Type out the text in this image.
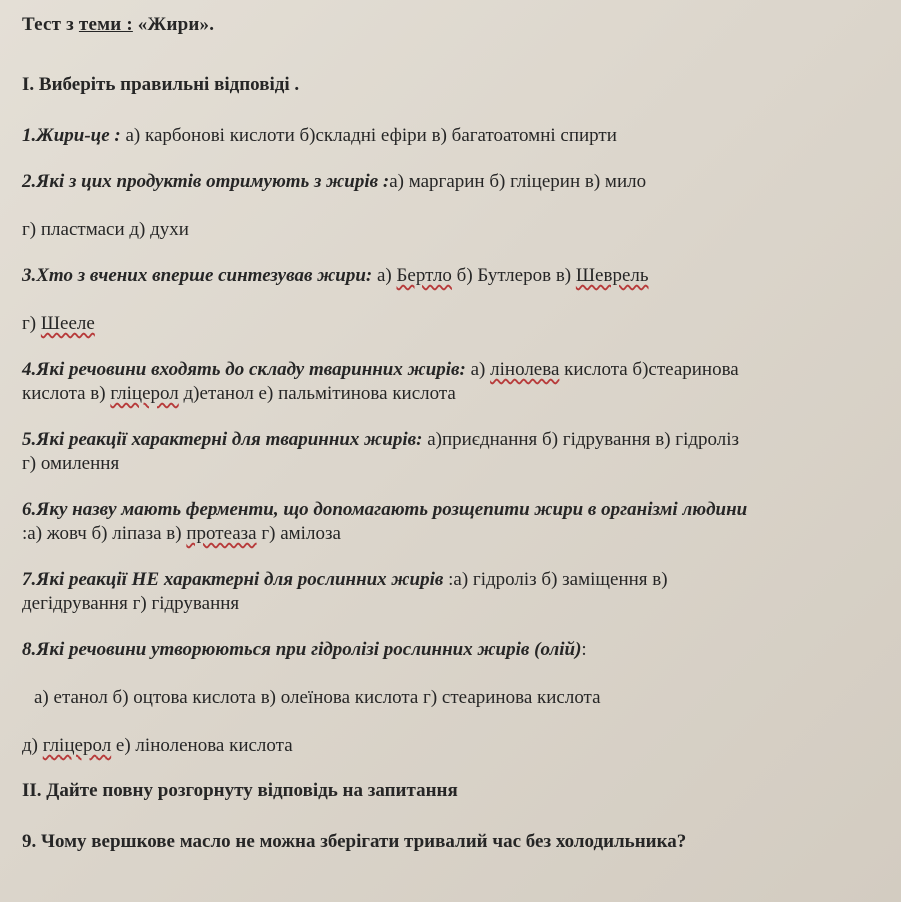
Тест з теми : «Жири».

І. Виберіть правильні відповіді .

1.Жири-це : а) карбонові кислоти б)складні ефіри в) багатоатомні спирти

2.Які з цих продуктів отримують з жирів :а) маргарин б) гліцерин в) мило

г) пластмаси д) духи

3.Хто з вчених вперше синтезував жири: а) Бертло б) Бутлеров в) Шеврель

г) Шееле

4.Які речовини входять до складу тваринних жирів: а) лінолева кислота б)стеаринова

кислота в) гліцерол д)етанол е) пальмітинова кислота

5.Які реакції характерні для тваринних жирів: а)приєднання б) гідрування в) гідроліз

г) омилення

6.Яку назву мають ферменти, що допомагають розщепити жири в організмі людини

:а) жовч б) ліпаза в) протеаза г) амілоза

7.Які реакції НЕ характерні для рослинних жирів :а) гідроліз б) заміщення в)

дегідрування г) гідрування

8.Які речовини утворюються при гідролізі рослинних жирів (олій):

а) етанол б) оцтова кислота в) олеїнова кислота г) стеаринова кислота

д) гліцерол е) ліноленова кислота

ІІ. Дайте повну розгорнуту відповідь на запитання

9. Чому вершкове масло не можна зберігати тривалий час без холодильника?
